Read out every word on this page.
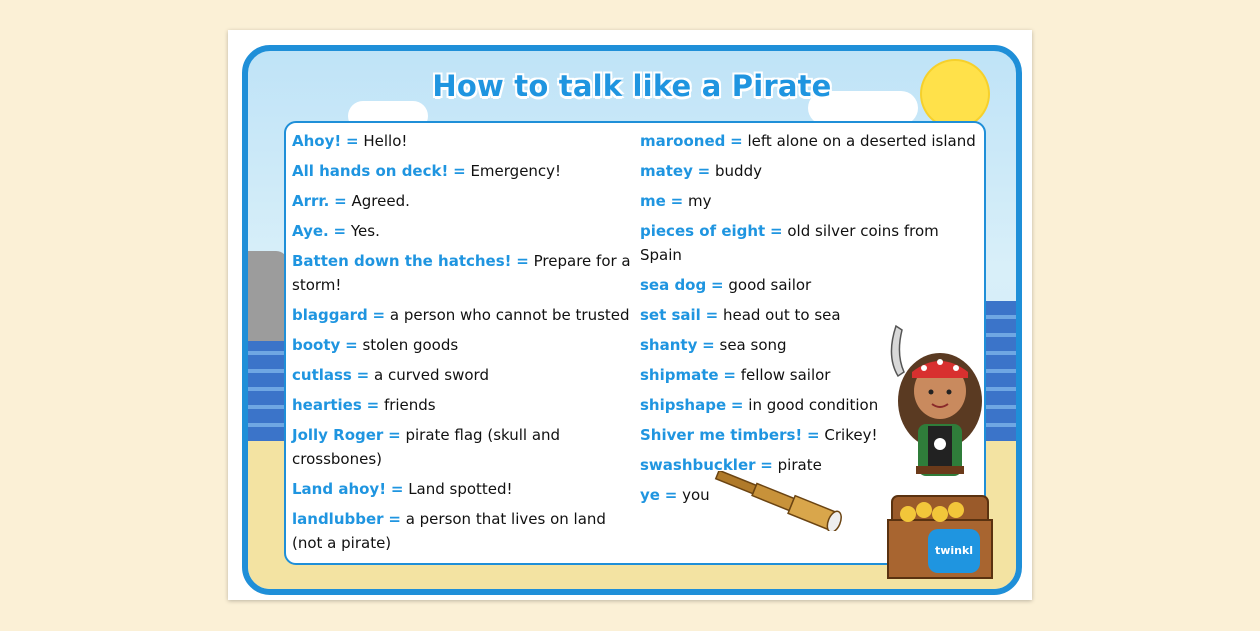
How to talk like a Pirate
Ahoy! = Hello!
All hands on deck! = Emergency!
Arrr. = Agreed.
Aye. = Yes.
Batten down the hatches! = Prepare for a storm!
blaggard = a person who cannot be trusted
booty = stolen goods
cutlass = a curved sword
hearties = friends
Jolly Roger = pirate flag (skull and crossbones)
Land ahoy! = Land spotted!
landlubber = a person that lives on land (not a pirate)
marooned = left alone on a deserted island
matey = buddy
me = my
pieces of eight = old silver coins from Spain
sea dog = good sailor
set sail = head out to sea
shanty = sea song
shipmate = fellow sailor
shipshape = in good condition
Shiver me timbers! = Crikey!
swashbuckler = pirate
ye = you
twinkl
